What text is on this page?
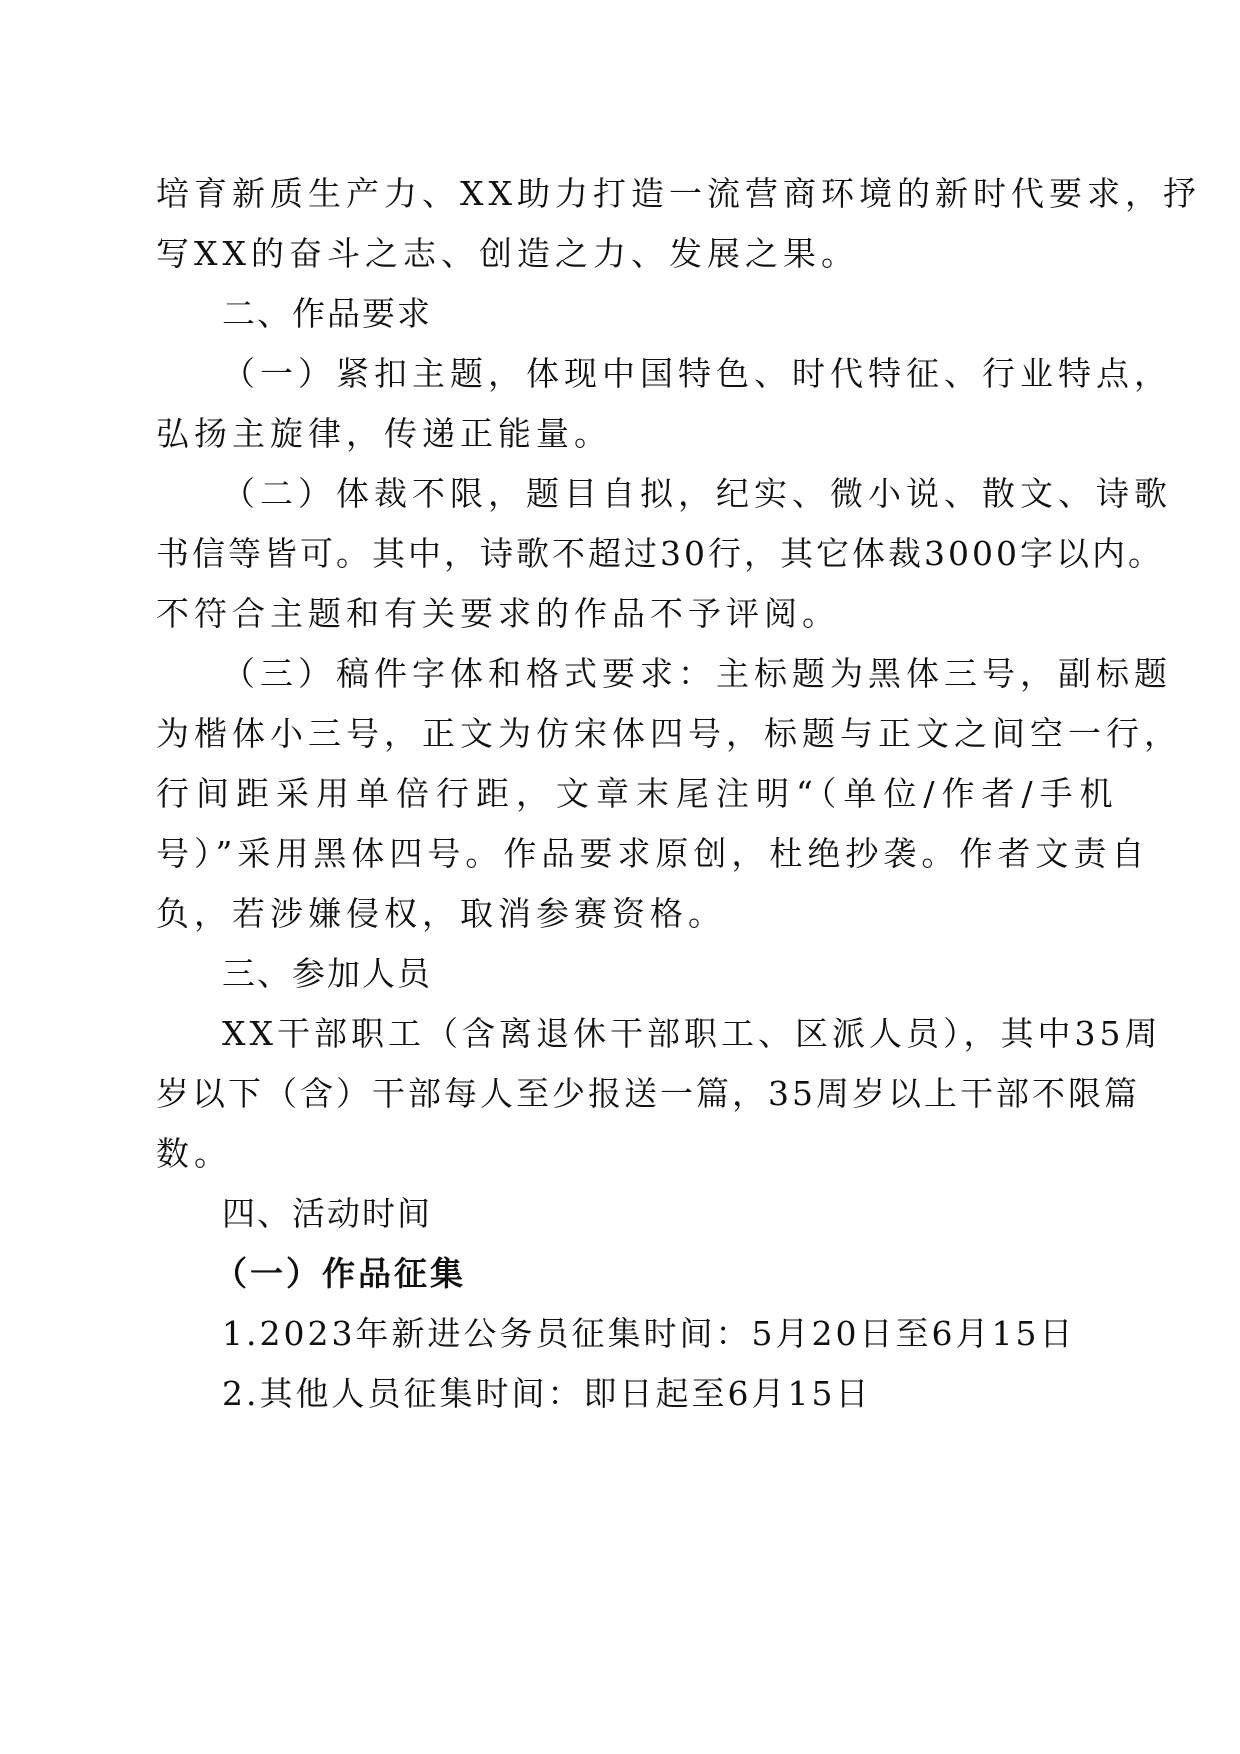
培育新质生产力、XX助力打造一流营商环境的新时代要求，抒
写XX的奋斗之志、创造之力、发展之果。
二、作品要求
（一）紧扣主题，体现中国特色、时代特征、行业特点，
弘扬主旋律，传递正能量。
（二）体裁不限，题目自拟，纪实、微小说、散文、诗歌
书信等皆可。其中，诗歌不超过30行，其它体裁3000字以内。
不符合主题和有关要求的作品不予评阅。
（三）稿件字体和格式要求：主标题为黑体三号，副标题
为楷体小三号，正文为仿宋体四号，标题与正文之间空一行，
行间距采用单倍行距，文章末尾注明“（单位/作者/手机
号）”采用黑体四号。作品要求原创，杜绝抄袭。作者文责自
负，若涉嫌侵权，取消参赛资格。
三、参加人员
XX干部职工（含离退休干部职工、区派人员），其中35周
岁以下（含）干部每人至少报送一篇，35周岁以上干部不限篇
数。
四、活动时间
（一）作品征集
1.2023年新进公务员征集时间：5月20日至6月15日
2.其他人员征集时间：即日起至6月15日
